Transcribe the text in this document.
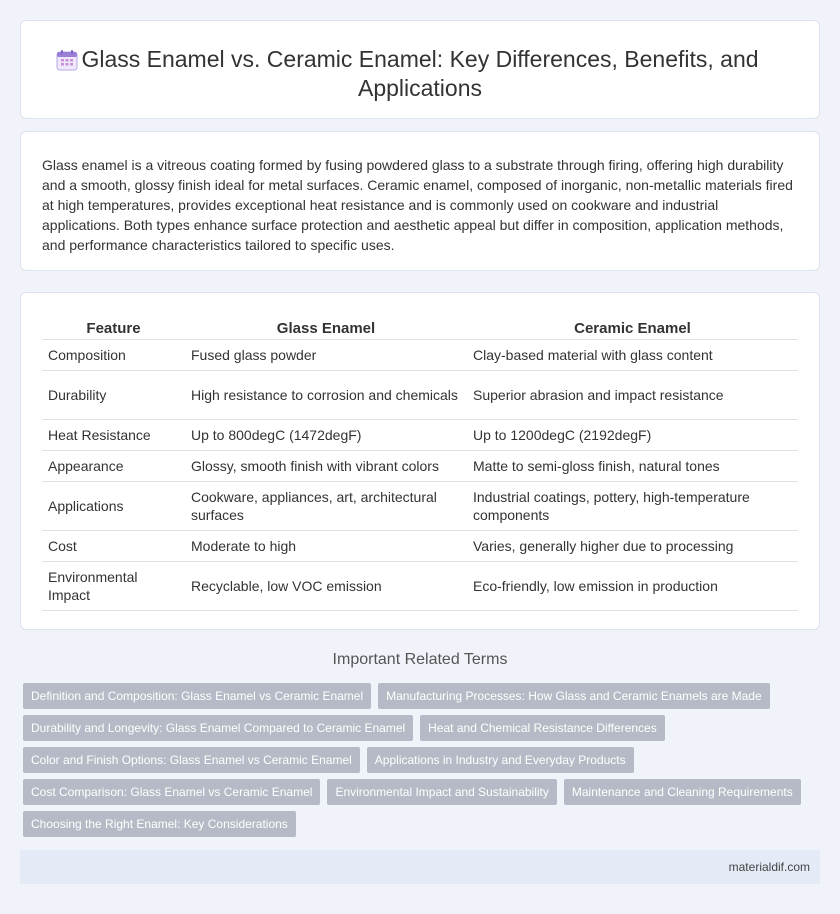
Glass Enamel vs. Ceramic Enamel: Key Differences, Benefits, and Applications

Glass enamel is a vitreous coating formed by fusing powdered glass to a substrate through firing, offering high durability and a smooth, glossy finish ideal for metal surfaces. Ceramic enamel, composed of inorganic, non-metallic materials fired at high temperatures, provides exceptional heat resistance and is commonly used on cookware and industrial applications. Both types enhance surface protection and aesthetic appeal but differ in composition, application methods, and performance characteristics tailored to specific uses.

Feature	Glass Enamel	Ceramic Enamel
Composition	Fused glass powder	Clay-based material with glass content
Durability	High resistance to corrosion and chemicals	Superior abrasion and impact resistance
Heat Resistance	Up to 800degC (1472degF)	Up to 1200degC (2192degF)
Appearance	Glossy, smooth finish with vibrant colors	Matte to semi-gloss finish, natural tones
Applications	Cookware, appliances, art, architectural surfaces	Industrial coatings, pottery, high-temperature components
Cost	Moderate to high	Varies, generally higher due to processing
Environmental Impact	Recyclable, low VOC emission	Eco-friendly, low emission in production
Important Related Terms
Definition and Composition: Glass Enamel vs Ceramic Enamel	Manufacturing Processes: How Glass and Ceramic Enamels are Made
Durability and Longevity: Glass Enamel Compared to Ceramic Enamel	Heat and Chemical Resistance Differences
Color and Finish Options: Glass Enamel vs Ceramic Enamel	Applications in Industry and Everyday Products
Cost Comparison: Glass Enamel vs Ceramic Enamel	Environmental Impact and Sustainability	Maintenance and Cleaning Requirements
Choosing the Right Enamel: Key Considerations
materialdif.com
